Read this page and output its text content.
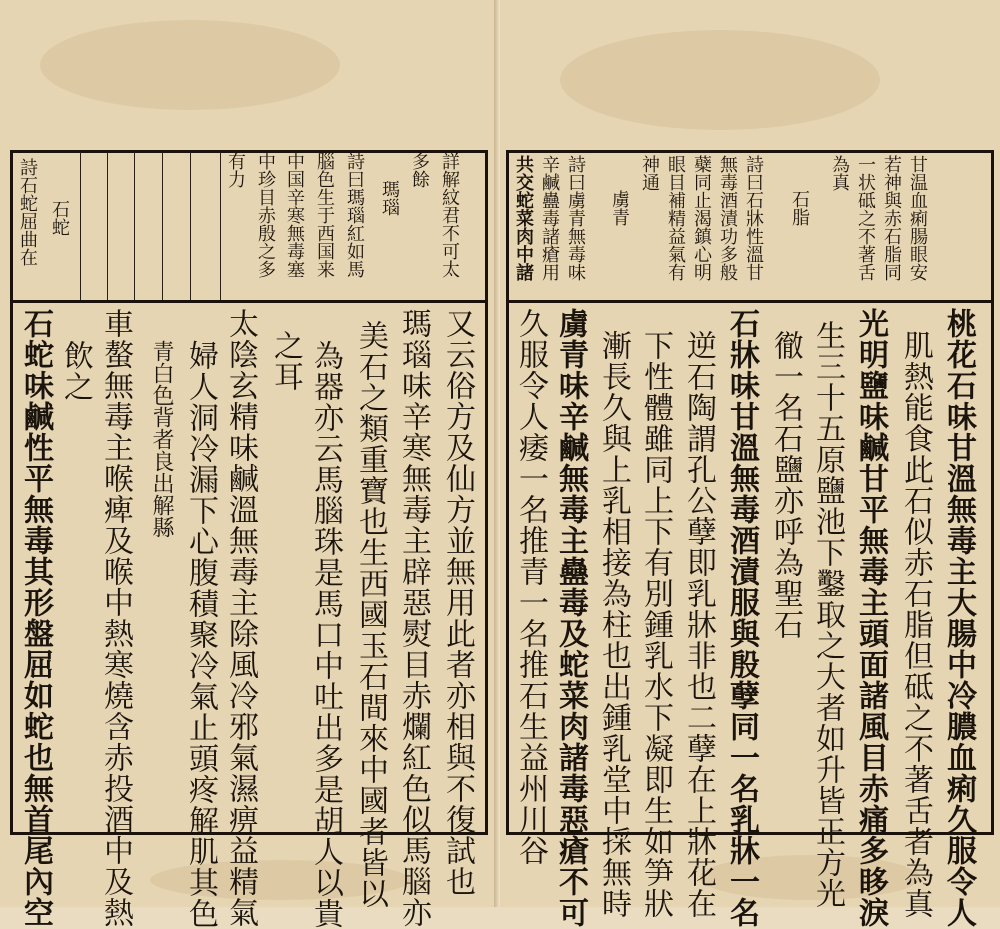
詩石蛇屈曲在 石蛇
有力 中珍目赤殷之多 中国辛寒無毒塞 腦色生于西国来 詩曰瑪瑙紅如馬 瑪瑙
多餘 詳解紋君不可太
石蛇味鹹性平無毒其形盤屈如蛇也無首尾內空 飲之 車螯無毒主喉痺及喉中熱寒燒含赤投酒中及熱 青白色背者良出解縣 婦人洞冷漏下心腹積聚冷氣止頭疼解肌其色 太陰玄精味鹹溫無毒主除風冷邪氣濕痹益精氣 之耳 為器亦云馬腦珠是馬口中吐出多是胡人以貴 美石之類重寶也生西國玉石間來中國者皆以 瑪瑙味辛寒無毒主辟惡熨目赤爛紅色似馬腦亦 又云俗方及仙方並無用此者亦相與不復試也
共交蛇菜肉中諸 辛鹹蠱毒諸瘡用 詩曰虜青無毒味 虜青
神通 眼目補精益氣有 蘗同止渴鎮心明 無毒酒漬功多般 詩曰石牀性溫甘 石脂
為真 一状砥之不著舌 若神與赤石脂同 甘温血痢腸眼安
久服令人痿一名推青一名推石生益州川谷 虜青味辛鹹無毒主蠱毒及蛇菜肉諸毒惡瘡不可 漸長久與上乳相接為柱也出鍾乳堂中採無時 下性體雖同上下有別鍾乳水下凝即生如笋狀 逆石陶謂孔公孽即乳牀非也二孽在上牀花在 石牀味甘溫無毒酒漬服與殷孽同一名乳牀一名 徹一名石鹽亦呼為聖石 生三十五原鹽池下鑿取之大者如升皆正方光 光明鹽味鹹甘平無毒主頭面諸風目赤痛多眵淚 肌熱能食此石似赤石脂但砥之不著舌者為真 桃花石味甘溫無毒主大腸中冷膿血痢久服令人
